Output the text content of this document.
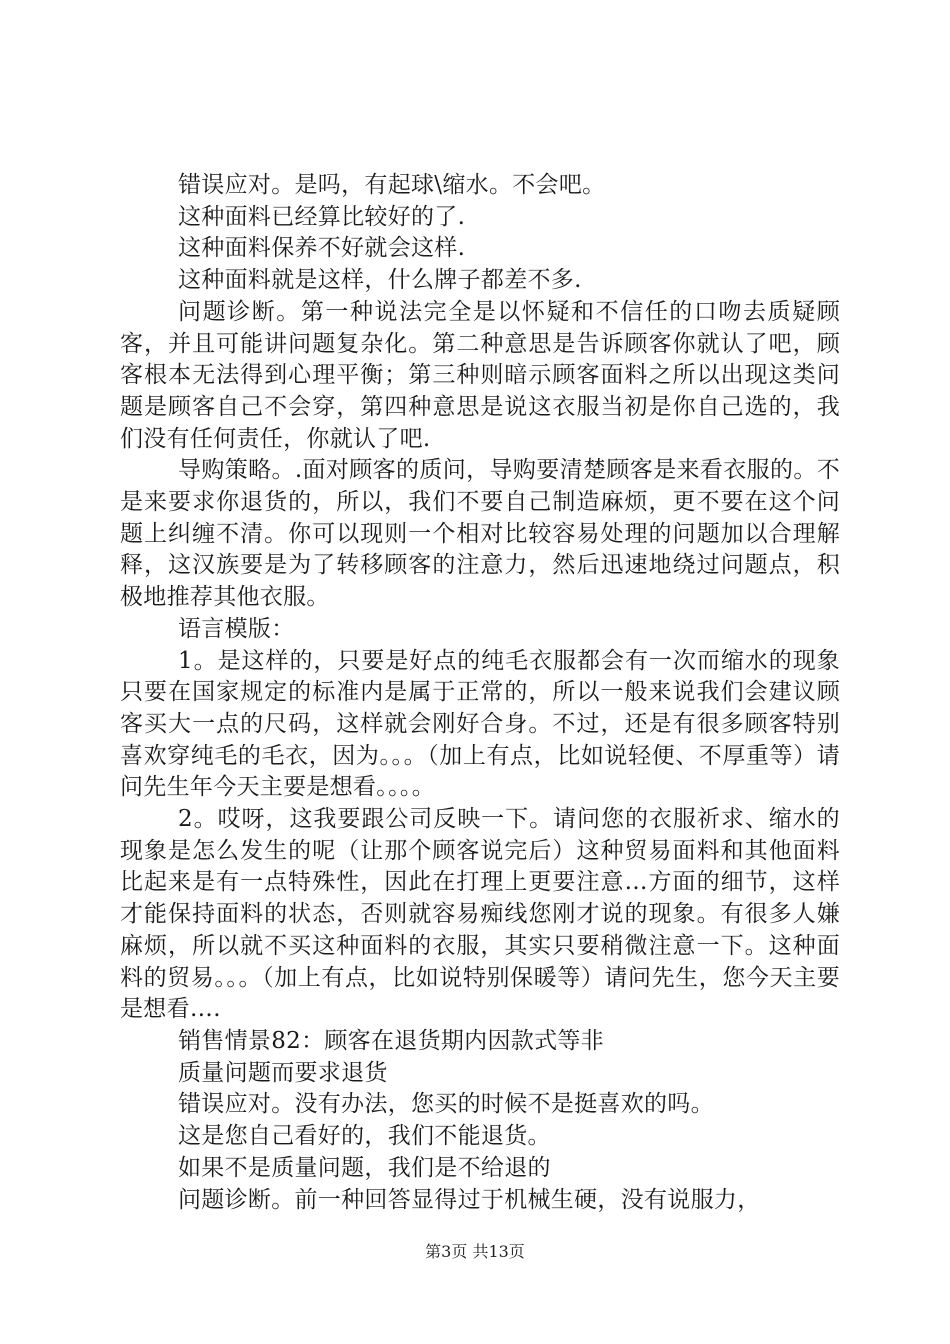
错误应对。是吗，有起球\缩水。不会吧。

这种面料已经算比较好的了.

这种面料保养不好就会这样.

这种面料就是这样，什么牌子都差不多.

问题诊断。第一种说法完全是以怀疑和不信任的口吻去质疑顾客，并且可能讲问题复杂化。第二种意思是告诉顾客你就认了吧，顾客根本无法得到心理平衡；第三种则暗示顾客面料之所以出现这类问题是顾客自己不会穿，第四种意思是说这衣服当初是你自己选的，我们没有任何责任，你就认了吧.

导购策略。.面对顾客的质问，导购要清楚顾客是来看衣服的。不是来要求你退货的，所以，我们不要自己制造麻烦，更不要在这个问题上纠缠不清。你可以现则一个相对比较容易处理的问题加以合理解释，这汉族要是为了转移顾客的注意力，然后迅速地绕过问题点，积极地推荐其他衣服。

语言模版：

1。是这样的，只要是好点的纯毛衣服都会有一次而缩水的现象只要在国家规定的标准内是属于正常的，所以一般来说我们会建议顾客买大一点的尺码，这样就会刚好合身。不过，还是有很多顾客特别喜欢穿纯毛的毛衣，因为。。。（加上有点，比如说轻便、不厚重等）请问先生年今天主要是想看。。。。

2。哎呀，这我要跟公司反映一下。请问您的衣服祈求、缩水的现象是怎么发生的呢（让那个顾客说完后）这种贸易面料和其他面料比起来是有一点特殊性，因此在打理上更要注意…方面的细节，这样才能保持面料的状态，否则就容易痴线您刚才说的现象。有很多人嫌麻烦，所以就不买这种面料的衣服，其实只要稍微注意一下。这种面料的贸易。。。（加上有点，比如说特别保暖等）请问先生，您今天主要是想看….

销售情景82：顾客在退货期内因款式等非

质量问题而要求退货

错误应对。没有办法，您买的时候不是挺喜欢的吗。

这是您自己看好的，我们不能退货。

如果不是质量问题，我们是不给退的

问题诊断。前一种回答显得过于机械生硬，没有说服力，

第3页 共13页
